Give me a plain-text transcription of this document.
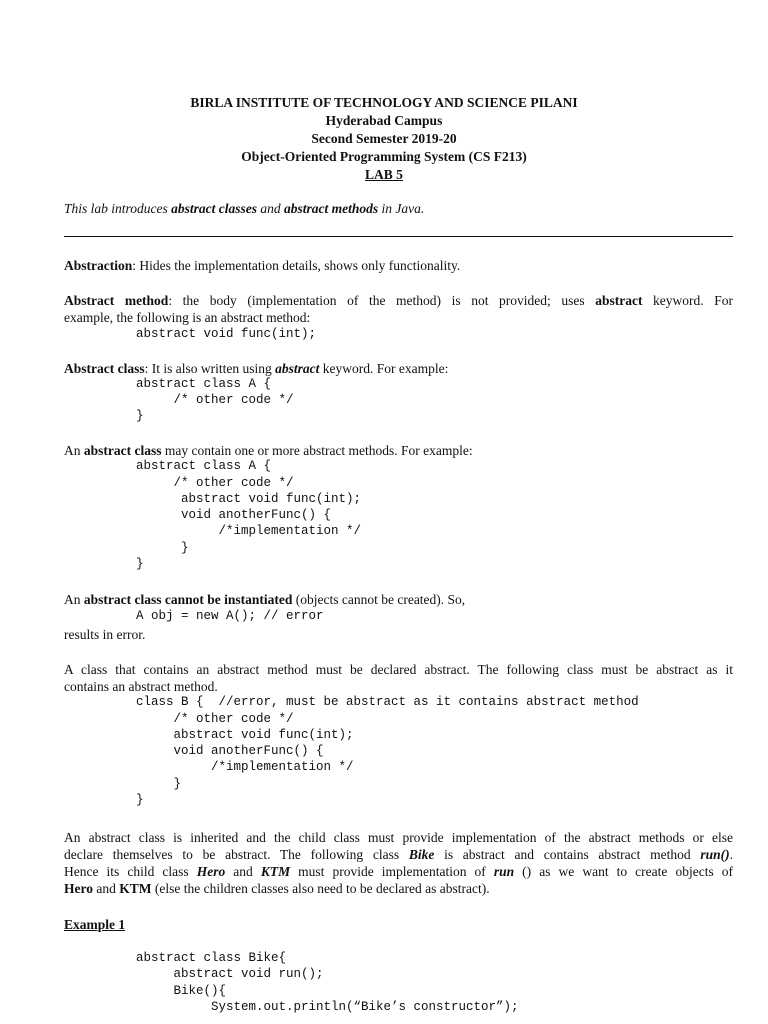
BIRLA INSTITUTE OF TECHNOLOGY AND SCIENCE PILANI
Hyderabad Campus
Second Semester 2019-20
Object-Oriented Programming System (CS F213)
LAB 5
This lab introduces abstract classes and abstract methods in Java.
Abstraction: Hides the implementation details, shows only functionality.
Abstract method: the body (implementation of the method) is not provided; uses abstract keyword. For
example, the following is an abstract method:
abstract void func(int);
Abstract class: It is also written using abstract keyword. For example:
abstract class A {
/* other code */
}
An abstract class may contain one or more abstract methods. For example:
abstract class A {
/* other code */
abstract void func(int);
void anotherFunc() {
/*implementation */
}
}
An abstract class cannot be instantiated (objects cannot be created). So,
A obj = new A(); // error
results in error.
A class that contains an abstract method must be declared abstract. The following class must be abstract as it
contains an abstract method.
class B {  //error, must be abstract as it contains abstract method
/* other code */
abstract void func(int);
void anotherFunc() {
/*implementation */
}
}
An abstract class is inherited and the child class must provide implementation of the abstract methods or else
declare themselves to be abstract. The following class Bike is abstract and contains abstract method run().
Hence its child class Hero and KTM must provide implementation of run () as we want to create objects of
Hero and KTM (else the children classes also need to be declared as abstract).
Example 1
abstract class Bike{
abstract void run();
Bike(){
System.out.println(“Bike’s constructor”);
